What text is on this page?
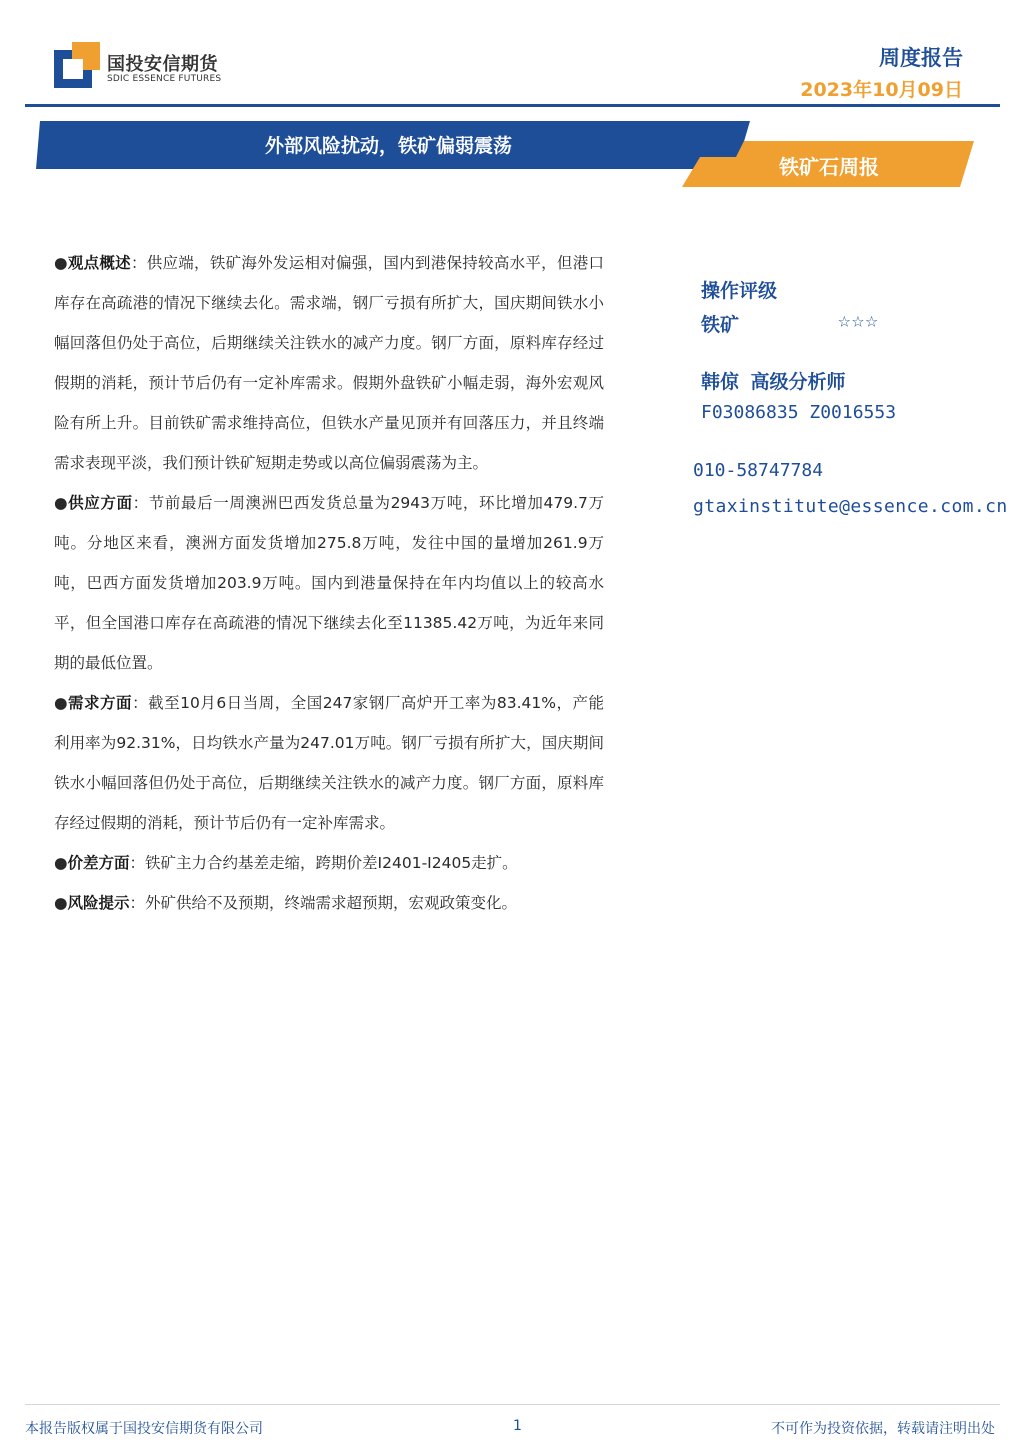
国投安信期货
SDIC ESSENCE FUTURES
周度报告
2023年10月09日
外部风险扰动，铁矿偏弱震荡
铁矿石周报

●观点概述：供应端，铁矿海外发运相对偏强，国内到港保持较高水平，但港口库存在高疏港的情况下继续去化。需求端，钢厂亏损有所扩大，国庆期间铁水小幅回落但仍处于高位，后期继续关注铁水的减产力度。钢厂方面，原料库存经过假期的消耗，预计节后仍有一定补库需求。假期外盘铁矿小幅走弱，海外宏观风险有所上升。目前铁矿需求维持高位，但铁水产量见顶并有回落压力，并且终端需求表现平淡，我们预计铁矿短期走势或以高位偏弱震荡为主。

●供应方面：节前最后一周澳洲巴西发货总量为2943万吨，环比增加479.7万吨。分地区来看，澳洲方面发货增加275.8万吨，发往中国的量增加261.9万吨，巴西方面发货增加203.9万吨。国内到港量保持在年内均值以上的较高水平，但全国港口库存在高疏港的情况下继续去化至11385.42万吨，为近年来同期的最低位置。

●需求方面：截至10月6日当周，全国247家钢厂高炉开工率为83.41%，产能利用率为92.31%，日均铁水产量为247.01万吨。钢厂亏损有所扩大，国庆期间铁水小幅回落但仍处于高位，后期继续关注铁水的减产力度。钢厂方面，原料库存经过假期的消耗，预计节后仍有一定补库需求。

●价差方面：铁矿主力合约基差走缩，跨期价差I2401-I2405走扩。

●风险提示：外矿供给不及预期，终端需求超预期，宏观政策变化。

操作评级
铁矿	☆☆☆
韩倞 高级分析师
F03086835 Z0016553
010-58747784
gtaxinstitute@essence.com.cn
本报告版权属于国投安信期货有限公司	1	不可作为投资依据，转载请注明出处
